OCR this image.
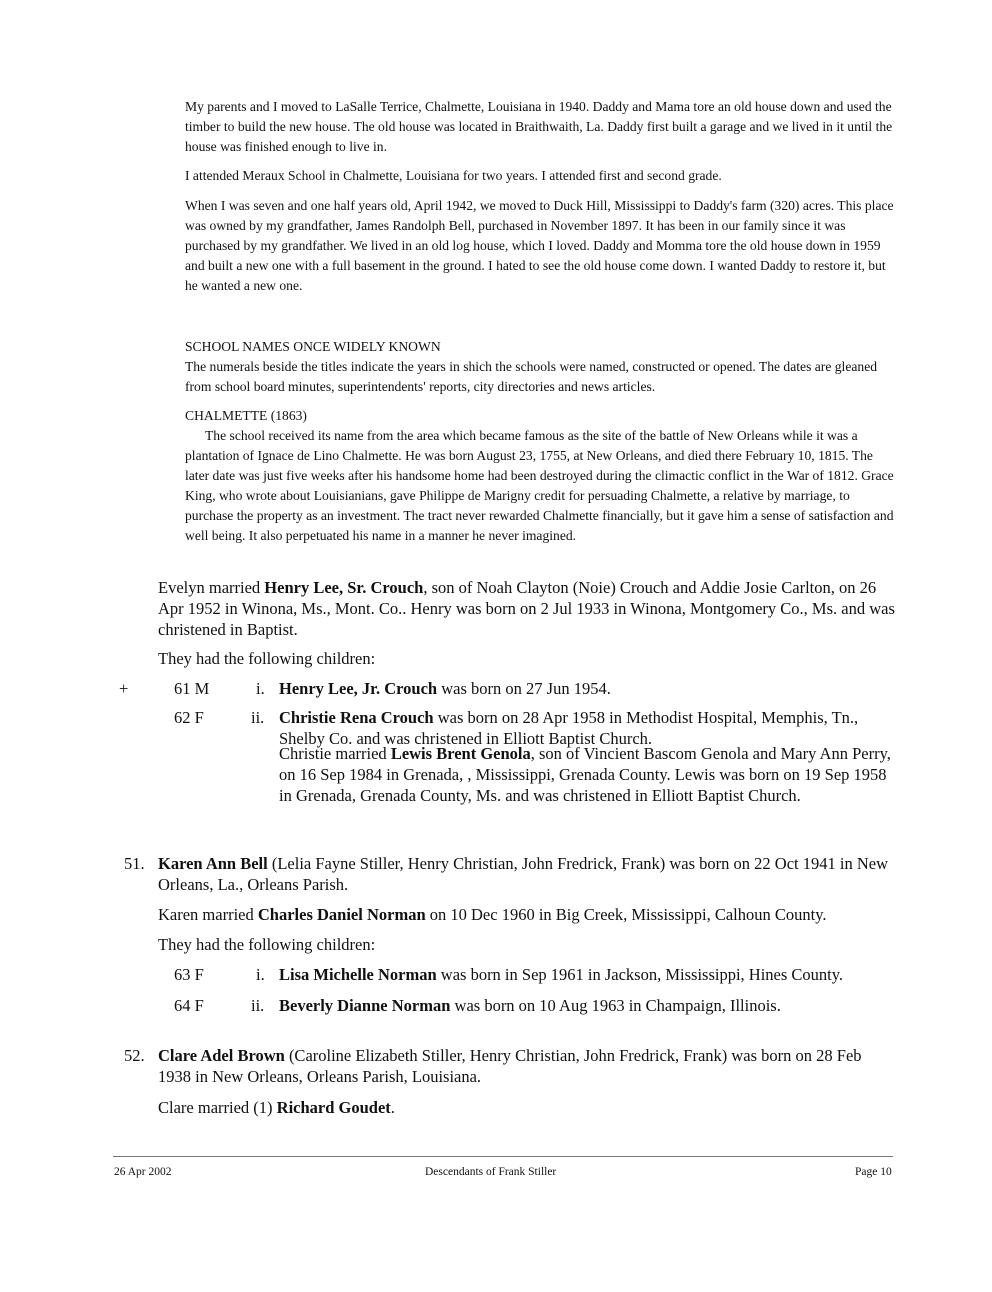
My parents and I moved to LaSalle Terrice, Chalmette, Louisiana in 1940. Daddy and Mama tore an old house down and used the timber to build the new house. The old house was located in Braithwaith, La. Daddy first built a garage and we lived in it until the house was finished enough to live in.

I attended Meraux School in Chalmette, Louisiana for two years. I attended first and second grade.

When I was seven and one half years old, April 1942, we moved to Duck Hill, Mississippi to Daddy's farm (320) acres. This place was owned by my grandfather, James Randolph Bell, purchased in November 1897. It has been in our family since it was purchased by my grandfather. We lived in an old log house, which I loved. Daddy and Momma tore the old house down in 1959 and built a new one with a full basement in the ground. I hated to see the old house come down. I wanted Daddy to restore it, but he wanted a new one.

SCHOOL NAMES ONCE WIDELY KNOWN

The numerals beside the titles indicate the years in shich the schools were named, constructed or opened. The dates are gleaned from school board minutes, superintendents' reports, city directories and news articles.

CHALMETTE (1863)

The school received its name from the area which became famous as the site of the battle of New Orleans while it was a plantation of Ignace de Lino Chalmette. He was born August 23, 1755, at New Orleans, and died there February 10, 1815. The later date was just five weeks after his handsome home had been destroyed during the climactic conflict in the War of 1812. Grace King, who wrote about Louisianians, gave Philippe de Marigny credit for persuading Chalmette, a relative by marriage, to purchase the property as an investment. The tract never rewarded Chalmette financially, but it gave him a sense of satisfaction and well being. It also perpetuated his name in a manner he never imagined.

Evelyn married Henry Lee, Sr. Crouch, son of Noah Clayton (Noie) Crouch and Addie Josie Carlton, on 26 Apr 1952 in Winona, Ms., Mont. Co.. Henry was born on 2 Jul 1933 in Winona, Montgomery Co., Ms. and was christened in Baptist.

They had the following children:

+	61 M	i. Henry Lee, Jr. Crouch was born on 27 Jun 1954.

62 F	ii. Christie Rena Crouch was born on 28 Apr 1958 in Methodist Hospital, Memphis, Tn., Shelby Co. and was christened in Elliott Baptist Church.

Christie married Lewis Brent Genola, son of Vincient Bascom Genola and Mary Ann Perry, on 16 Sep 1984 in Grenada, , Mississippi, Grenada County. Lewis was born on 19 Sep 1958 in Grenada, Grenada County, Ms. and was christened in Elliott Baptist Church.

51. Karen Ann Bell (Lelia Fayne Stiller, Henry Christian, John Fredrick, Frank) was born on 22 Oct 1941 in New Orleans, La., Orleans Parish.

Karen married Charles Daniel Norman on 10 Dec 1960 in Big Creek, Mississippi, Calhoun County.

They had the following children:

63 F	i. Lisa Michelle Norman was born in Sep 1961 in Jackson, Mississippi, Hines County.

64 F	ii. Beverly Dianne Norman was born on 10 Aug 1963 in Champaign, Illinois.

52. Clare Adel Brown (Caroline Elizabeth Stiller, Henry Christian, John Fredrick, Frank) was born on 28 Feb 1938 in New Orleans, Orleans Parish, Louisiana.

Clare married (1) Richard Goudet.

26 Apr 2002	Descendants of Frank Stiller	Page 10
